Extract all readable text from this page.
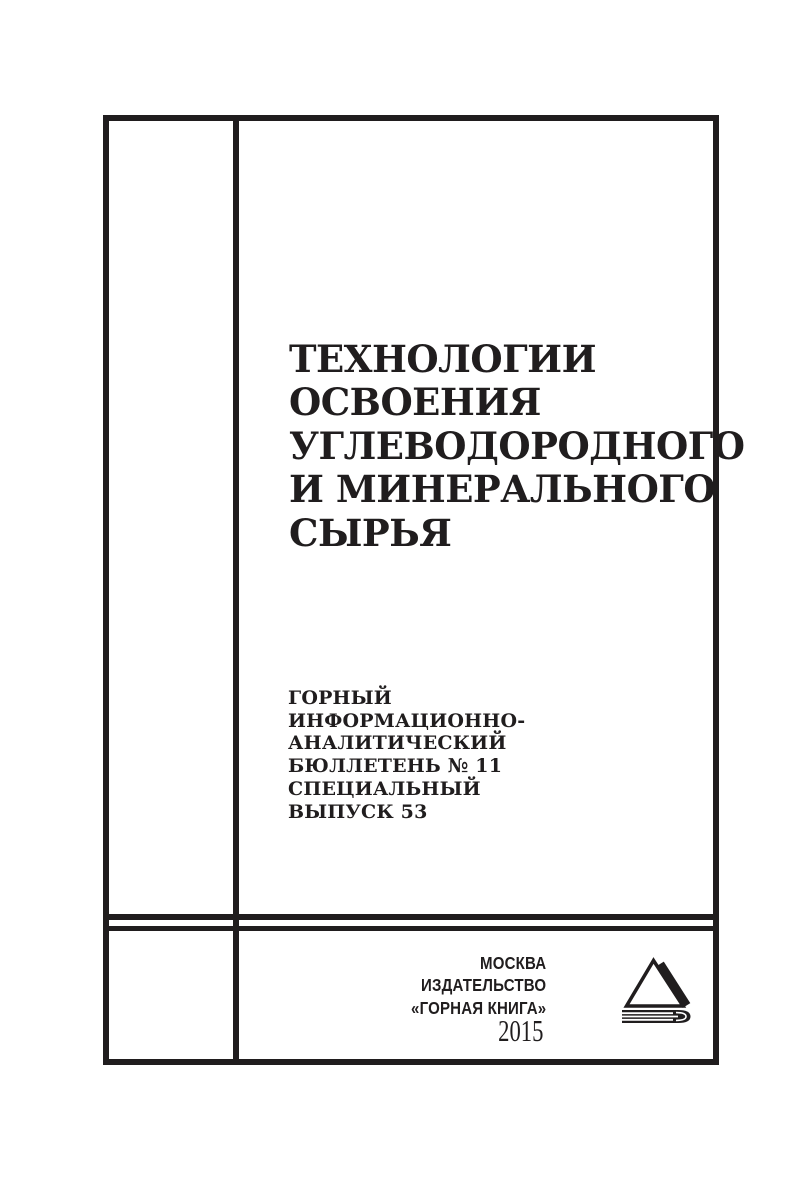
ТЕХНОЛОГИИ
ОСВОЕНИЯ
УГЛЕВОДОРОДНОГО
И МИНЕРАЛЬНОГО
СЫРЬЯ
ГОРНЫЙ
ИНФОРМАЦИОННО-
АНАЛИТИЧЕСКИЙ
БЮЛЛЕТЕНЬ № 11
СПЕЦИАЛЬНЫЙ
ВЫПУСК 53
МОСКВА
ИЗДАТЕЛЬСТВО
«ГОРНАЯ КНИГА»
2015
